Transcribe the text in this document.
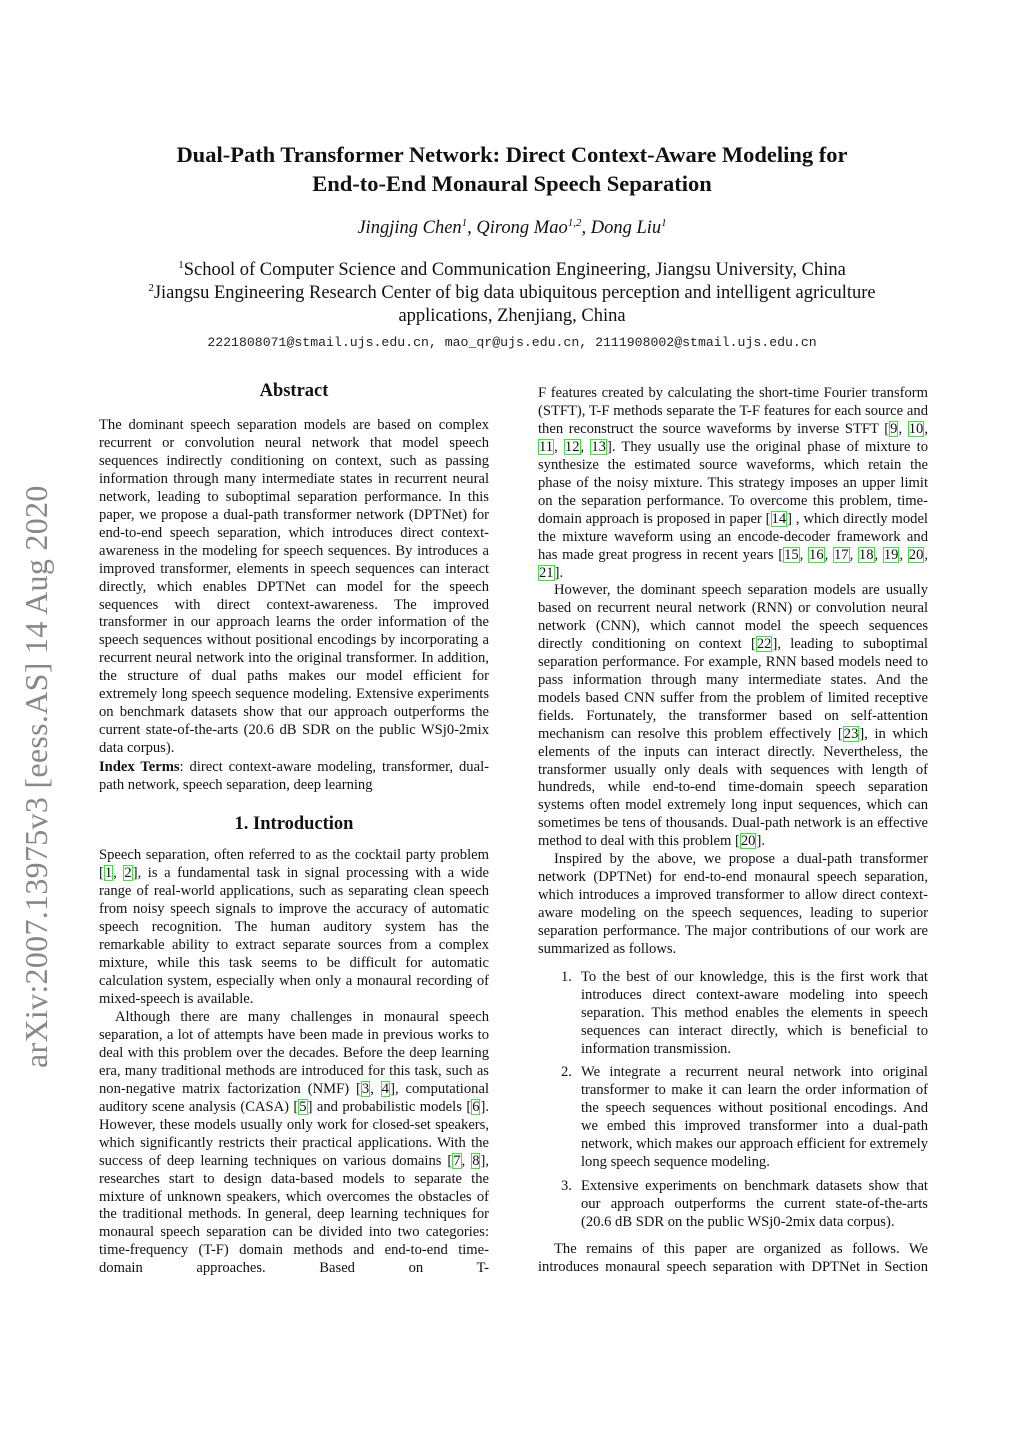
arXiv:2007.13975v3 [eess.AS] 14 Aug 2020
Dual-Path Transformer Network: Direct Context-Aware Modeling for
End-to-End Monaural Speech Separation
Jingjing Chen$^1$, Qirong Mao$^{1,2}$, Dong Liu$^1$
$^1$School of Computer Science and Communication Engineering, Jiangsu University, China
$^2$Jiangsu Engineering Research Center of big data ubiquitous perception and intelligent agriculture
applications, Zhenjiang, China
2221808071@stmail.ujs.edu.cn, mao_qr@ujs.edu.cn, 2111908002@stmail.ujs.edu.cn
Abstract
The dominant speech separation models are based on complex recurrent or convolution neural network that model speech sequences indirectly conditioning on context, such as passing information through many intermediate states in recurrent neural network, leading to suboptimal separation performance. In this paper, we propose a dual-path transformer network (DPTNet) for end-to-end speech separation, which introduces direct context-awareness in the modeling for speech sequences. By introduces a improved transformer, elements in speech sequences can interact directly, which enables DPTNet can model for the speech sequences with direct context-awareness. The improved transformer in our approach learns the order information of the speech sequences without positional encodings by incorporating a recurrent neural network into the original transformer. In addition, the structure of dual paths makes our model efficient for extremely long speech sequence modeling. Extensive experiments on benchmark datasets show that our approach outperforms the current state-of-the-arts (20.6 dB SDR on the public WSj0-2mix data corpus).
Index Terms: direct context-aware modeling, transformer, dual-path network, speech separation, deep learning
1. Introduction
Speech separation, often referred to as the cocktail party problem [1, 2], is a fundamental task in signal processing with a wide range of real-world applications, such as separating clean speech from noisy speech signals to improve the accuracy of automatic speech recognition. The human auditory system has the remarkable ability to extract separate sources from a complex mixture, while this task seems to be difficult for automatic calculation system, especially when only a monaural recording of mixed-speech is available.
Although there are many challenges in monaural speech separation, a lot of attempts have been made in previous works to deal with this problem over the decades. Before the deep learning era, many traditional methods are introduced for this task, such as non-negative matrix factorization (NMF) [3, 4], computational auditory scene analysis (CASA) [5] and probabilistic models [6]. However, these models usually only work for closed-set speakers, which significantly restricts their practical applications. With the success of deep learning techniques on various domains [7, 8], researches start to design data-based models to separate the mixture of unknown speakers, which overcomes the obstacles of the traditional methods. In general, deep learning techniques for monaural speech separation can be divided into two categories: time-frequency (T-F) domain methods and end-to-end time-domain approaches. Based on T-
F features created by calculating the short-time Fourier transform (STFT), T-F methods separate the T-F features for each source and then reconstruct the source waveforms by inverse STFT [9, 10, 11, 12, 13]. They usually use the original phase of mixture to synthesize the estimated source waveforms, which retain the phase of the noisy mixture. This strategy imposes an upper limit on the separation performance. To overcome this problem, time-domain approach is proposed in paper [14] , which directly model the mixture waveform using an encode-decoder framework and has made great progress in recent years [15, 16, 17, 18, 19, 20, 21].
However, the dominant speech separation models are usually based on recurrent neural network (RNN) or convolution neural network (CNN), which cannot model the speech sequences directly conditioning on context [22], leading to suboptimal separation performance. For example, RNN based models need to pass information through many intermediate states. And the models based CNN suffer from the problem of limited receptive fields. Fortunately, the transformer based on self-attention mechanism can resolve this problem effectively [23], in which elements of the inputs can interact directly. Nevertheless, the transformer usually only deals with sequences with length of hundreds, while end-to-end time-domain speech separation systems often model extremely long input sequences, which can sometimes be tens of thousands. Dual-path network is an effective method to deal with this problem [20].
Inspired by the above, we propose a dual-path transformer network (DPTNet) for end-to-end monaural speech separation, which introduces a improved transformer to allow direct context-aware modeling on the speech sequences, leading to superior separation performance. The major contributions of our work are summarized as follows.
1. To the best of our knowledge, this is the first work that introduces direct context-aware modeling into speech separation. This method enables the elements in speech sequences can interact directly, which is beneficial to information transmission.
2. We integrate a recurrent neural network into original transformer to make it can learn the order information of the speech sequences without positional encodings. And we embed this improved transformer into a dual-path network, which makes our approach efficient for extremely long speech sequence modeling.
3. Extensive experiments on benchmark datasets show that our approach outperforms the current state-of-the-arts (20.6 dB SDR on the public WSj0-2mix data corpus).
The remains of this paper are organized as follows. We introduces monaural speech separation with DPTNet in Section
